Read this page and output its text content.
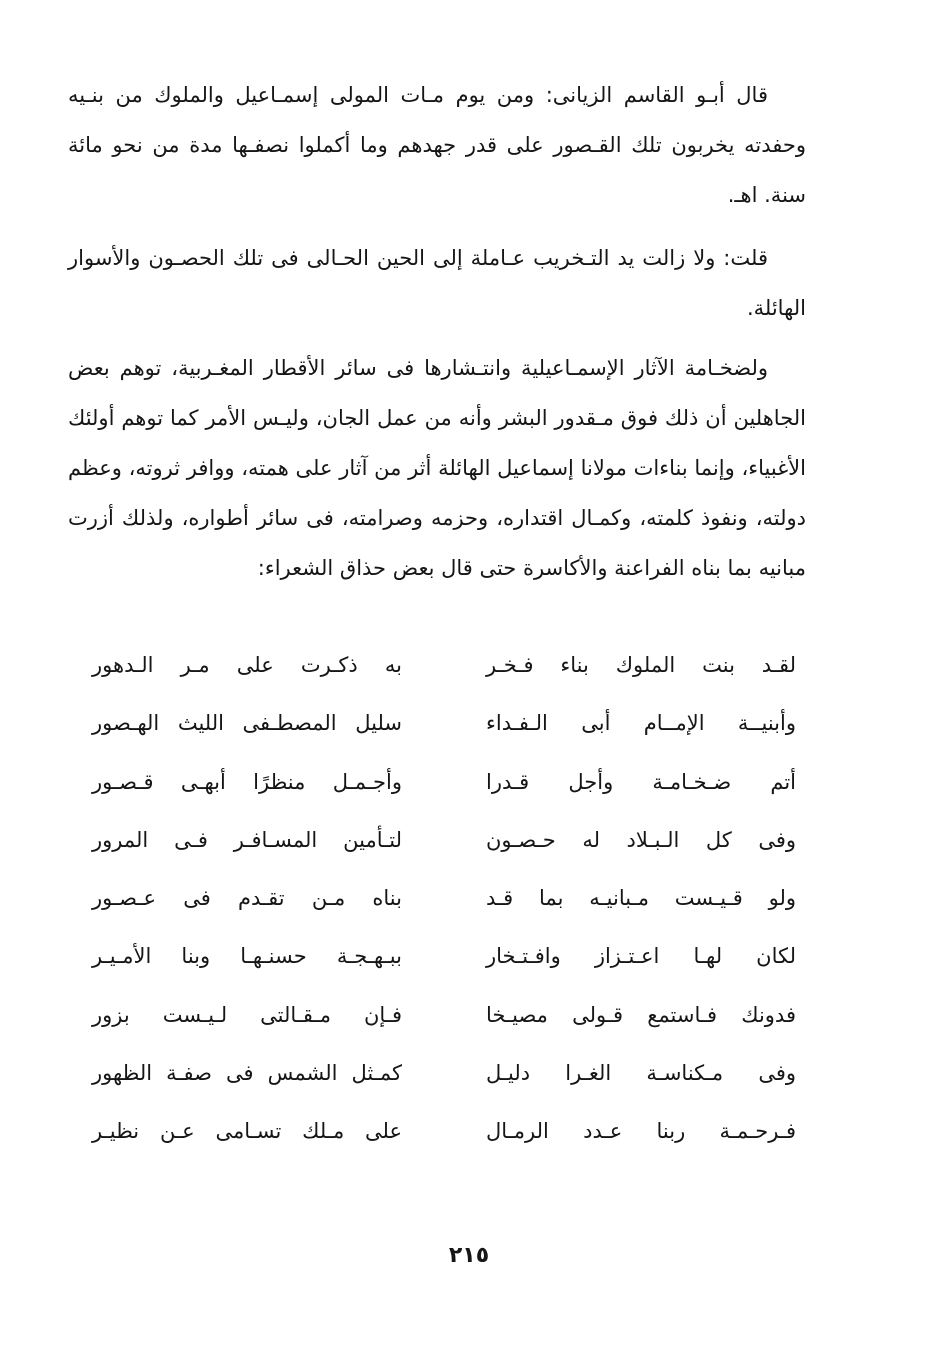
قال أبـو القاسم الزيانى: ومن يوم مـات المولى إسمـاعيل والملوك من بنـيه وحفدته يخربون تلك القـصور على قدر جهدهم وما أكملوا نصفـها مدة من نحو مائة سنة. اهـ.

قلت: ولا زالت يد التـخريب عـاملة إلى الحين الحـالى فى تلك الحصـون والأسوار الهائلة.

ولضخـامة الآثار الإسمـاعيلية وانتـشارها فى سائر الأقطار المغـربية، توهم بعض الجاهلين أن ذلك فوق مـقدور البشر وأنه من عمل الجان، وليـس الأمر كما توهم أولئك الأغبياء، وإنما بناءات مولانا إسماعيل الهائلة أثر من آثار على همته، ووافر ثروته، وعظم دولته، ونفوذ كلمته، وكمـال اقتداره، وحزمه وصرامته، فى سائر أطواره، ولذلك أزرت مبانيه بما بناه الفراعنة والأكاسرة حتى قال بعض حذاق الشعراء:

لقـد بنت الملوك بناء فـخـر
به ذكـرت على مـر الـدهور
وأبنيــة الإمــام أبى الـفـداء
سليل المصطـفى الليث الهـصور
أتم ضـخـامـة وأجل قـدرا
وأجـمـل منظرًا أبهـى قـصـور
وفى كل الـبـلاد له حـصـون
لتـأمين المسـافـر فـى المرور
ولو قـيـست مـبانيـه بما قـد
بناه مـن تقـدم فى عـصـور
لكان لهـا اعـتـزاز وافـتـخار
ببـهـجـة حسنـهـا وبنا الأمـيـر
فدونك فـاستمع قـولى مصيـخا
فـإن مـقـالتى لـيـست بزور
وفى مـكناسـة الغـرا دليـل
كمـثل الشمس فى صفـة الظهور
فـرحـمـة ربنا عـدد الرمـال
على مـلك تسـامى عـن نظيـر
٢١٥
